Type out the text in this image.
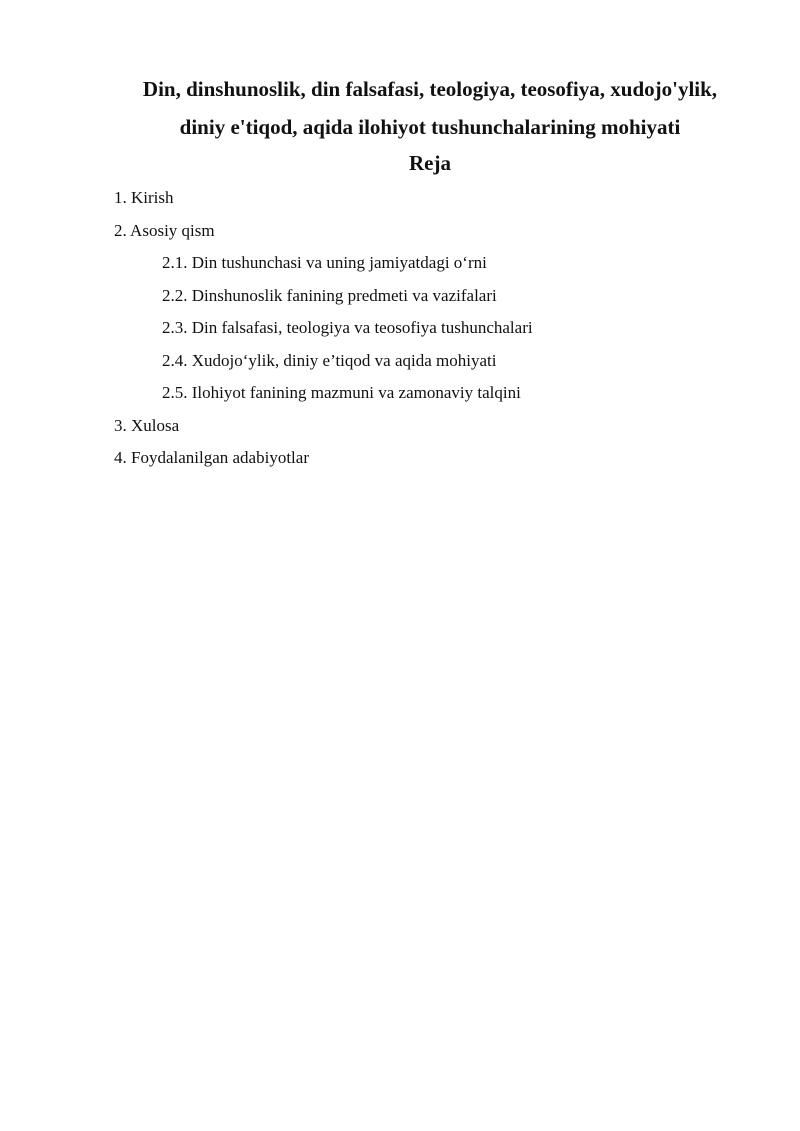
Din, dinshunoslik, din falsafasi, teologiya, teosofiya, xudojo'ylik,
diniy e'tiqod, aqida ilohiyot tushunchalarining mohiyati
Reja
1. Kirish
2. Asosiy qism
2.1. Din tushunchasi va uning jamiyatdagi o‘rni
2.2. Dinshunoslik fanining predmeti va vazifalari
2.3. Din falsafasi, teologiya va teosofiya tushunchalari
2.4. Xudojo‘ylik, diniy e’tiqod va aqida mohiyati
2.5. Ilohiyot fanining mazmuni va zamonaviy talqini
3. Xulosa
4. Foydalanilgan adabiyotlar
